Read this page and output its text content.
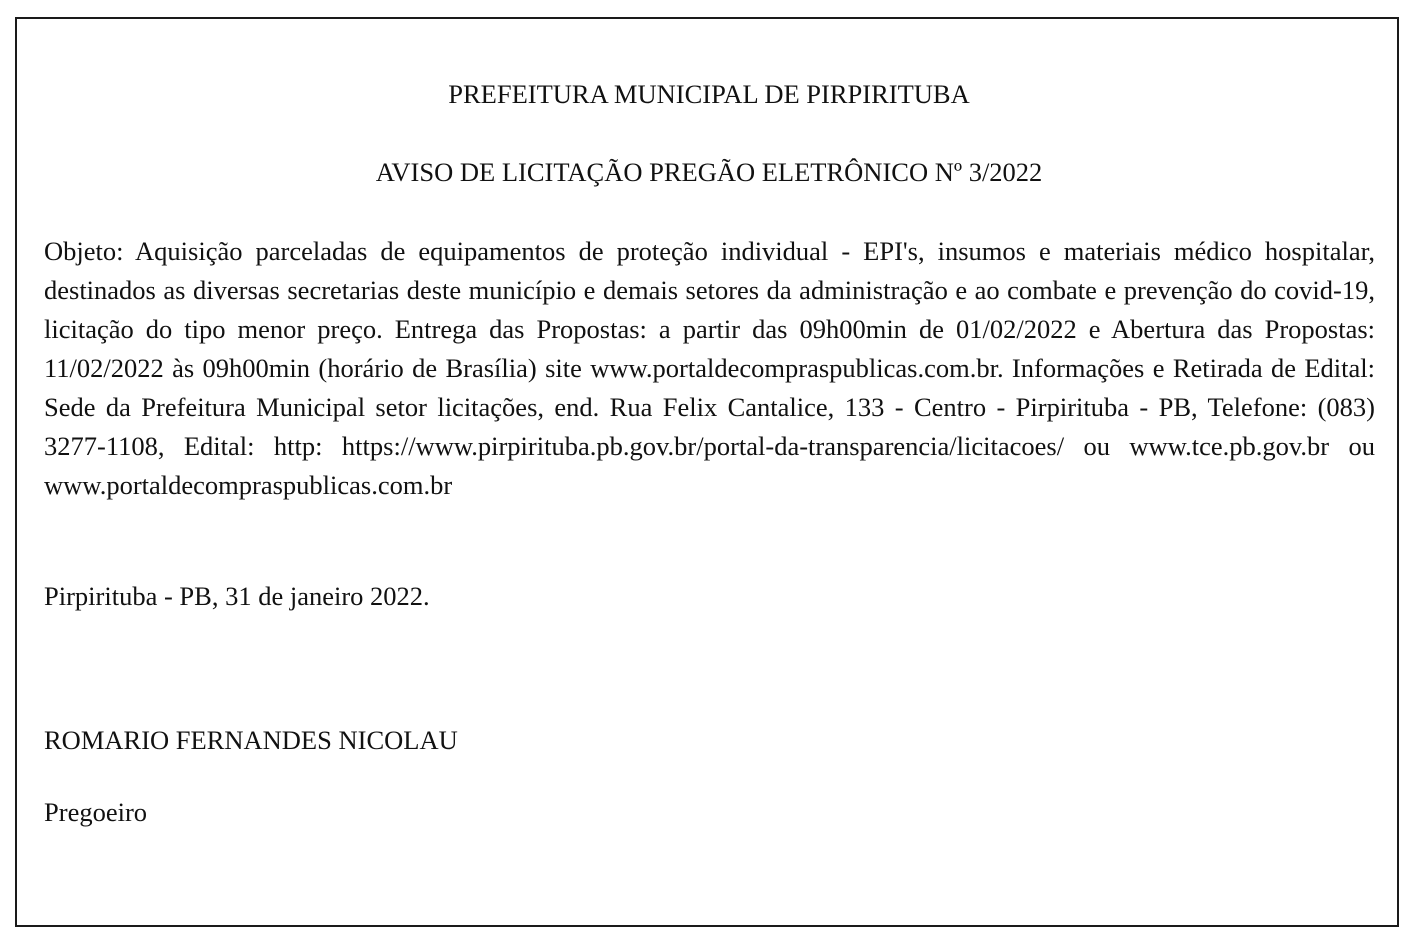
PREFEITURA MUNICIPAL DE PIRPIRITUBA
AVISO DE LICITAÇÃO PREGÃO ELETRÔNICO Nº 3/2022

Objeto: Aquisição parceladas de equipamentos de proteção individual - EPI's, insumos e materiais médico hospitalar, destinados as diversas secretarias deste município e demais setores da administração e ao combate e prevenção do covid-19, licitação do tipo menor preço. Entrega das Propostas: a partir das 09h00min de 01/02/2022 e Abertura das Propostas: 11/02/2022 às 09h00min (horário de Brasília) site www.portaldecompraspublicas.com.br. Informações e Retirada de Edital: Sede da Prefeitura Municipal setor licitações, end. Rua Felix Cantalice, 133 - Centro - Pirpirituba - PB, Telefone: (083) 3277-1108, Edital: http: https://www.pirpirituba.pb.gov.br/portal-da-transparencia/licitacoes/ ou www.tce.pb.gov.br ou www.portaldecompraspublicas.com.br

Pirpirituba - PB, 31 de janeiro 2022.
ROMARIO FERNANDES NICOLAU
Pregoeiro
